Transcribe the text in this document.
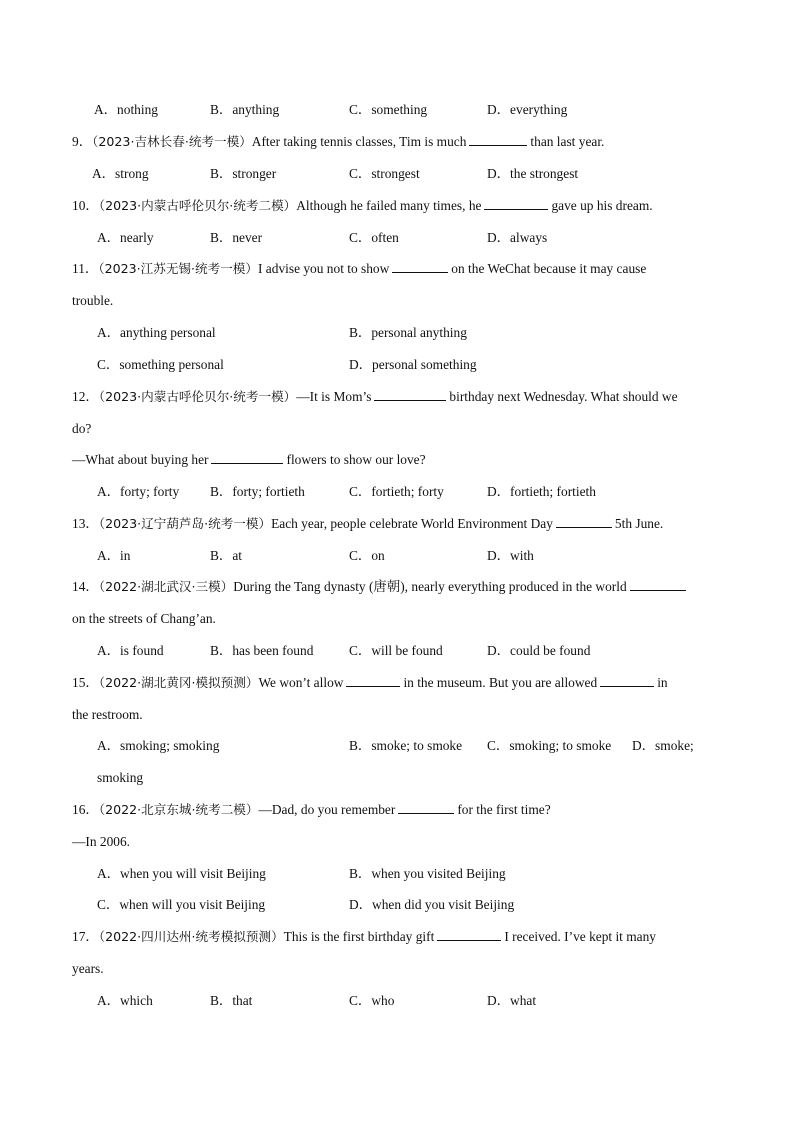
A．nothing	B．anything	C．something	D．everything
9．（2023·吉林长春·统考一模）After taking tennis classes, Tim is much	than last year.
A．strong	B．stronger	C．strongest	D．the strongest
10．（2023·内蒙古呼伦贝尔·统考二模）Although he failed many times, he	gave up his dream.
A．nearly	B．never	C．often	D．always
11．（2023·江苏无锡·统考一模）I advise you not to show	on the WeChat because it may cause
trouble.
A．anything personal	B．personal anything
C．something personal	D．personal something
12．（2023·内蒙古呼伦贝尔·统考一模）—It is Mom’s	birthday next Wednesday. What should we
do?
—What about buying her	flowers to show our love?
A．forty; forty B．forty; fortieth	C．fortieth; forty	D．fortieth; fortieth
13．（2023·辽宁葫芦岛·统考一模）Each year, people celebrate World Environment Day	5th June.
A．in	B．at	C．on	D．with
14．（2022·湖北武汉·三模）During the Tang dynasty (唐朝), nearly everything produced in the world
on the streets of Chang’an.
A．is found	B．has been found	C．will be found	D．could be found
15．（2022·湖北黄冈·模拟预测）We won’t allow	in the museum. But you are allowed	in
the restroom.
A．smoking; smoking	B．smoke; to smoke C．smoking; to smoke D．smoke;
smoking
16．（2022·北京东城·统考二模）—Dad, do you remember	for the first time?
—In 2006.
A．when you will visit Beijing	B．when you visited Beijing
C．when will you visit Beijing	D．when did you visit Beijing
17．（2022·四川达州·统考模拟预测）This is the first birthday gift	I received. I’ve kept it many
years.
A．which	B．that	C．who	D．what
